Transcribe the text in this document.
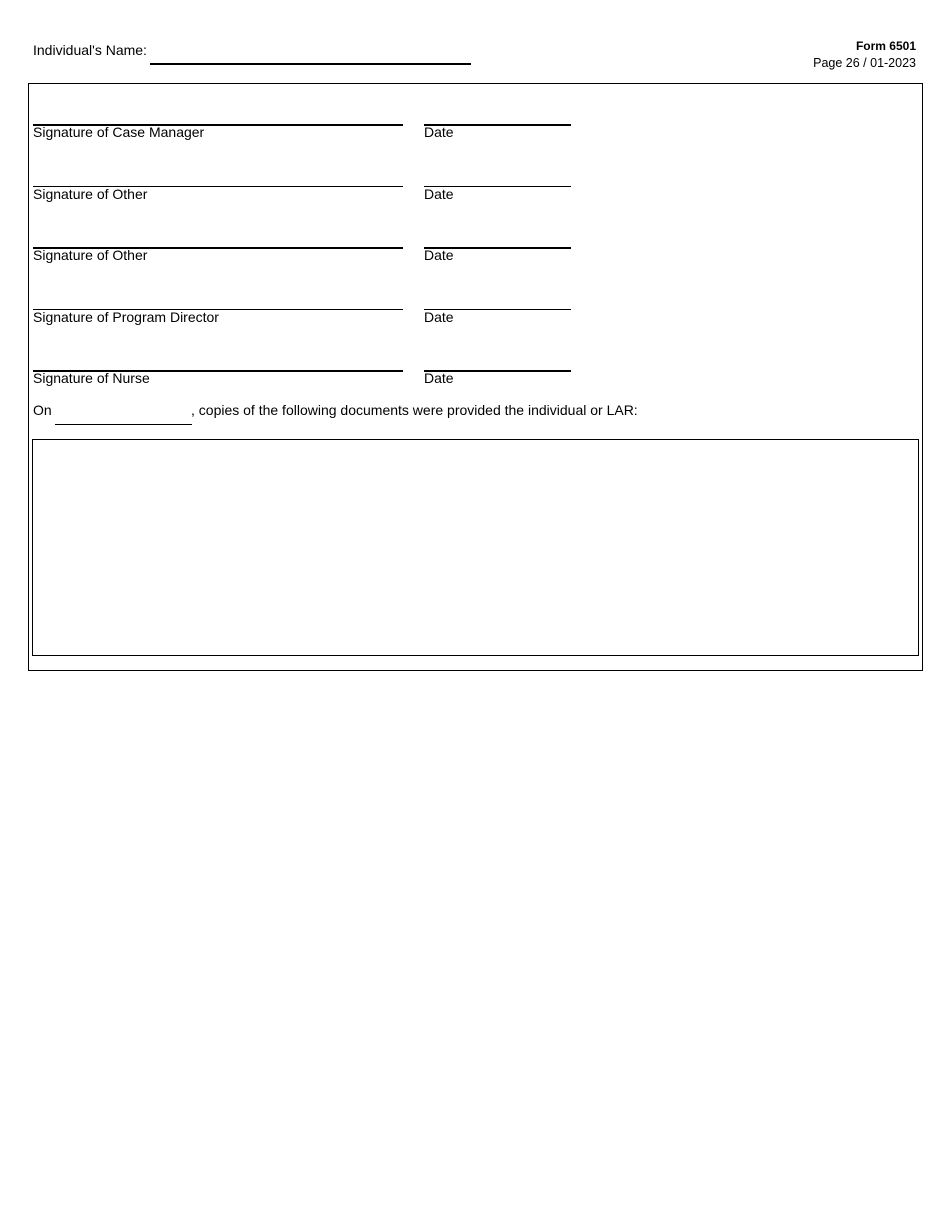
Individual's Name:	Form 6501
Page 26 / 01-2023
Signature of Case Manager	Date
Signature of Other	Date
Signature of Other	Date
Signature of Program Director	Date
Signature of Nurse	Date
On	, copies of the following documents were provided the individual or LAR:
